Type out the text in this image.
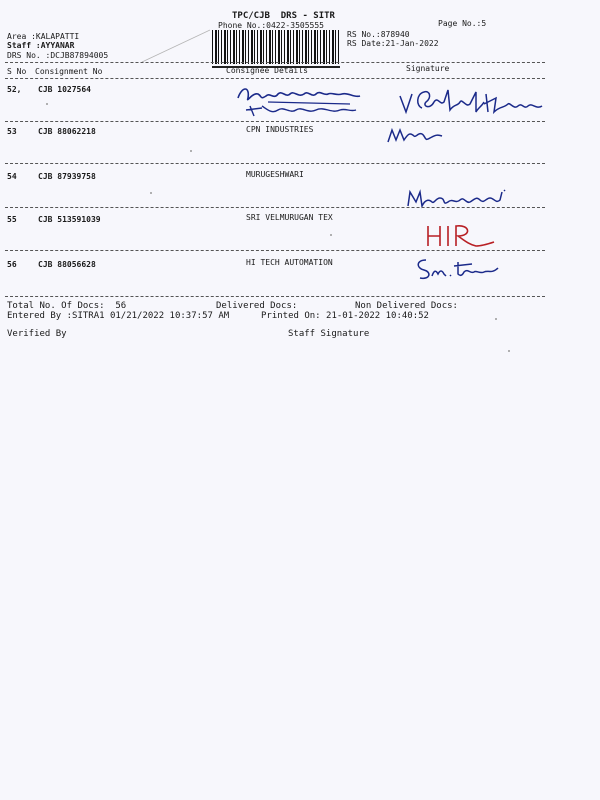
TPC/CJB  DRS - SITR
Phone No.:0422-3505555	Page No.:5
RS No.:878940
RS Date:21-Jan-2022
Area :KALAPATTI
Staff :AYYANAR
DRS No. :DCJB87894005
S No Consignment No	Consignee Details	Signature
52, CJB 1027564
53	CJB 88062218	CPN INDUSTRIES
54	CJB 87939758	MURUGESHWARI
55	CJB 513591039	SRI VELMURUGAN TEX
56	CJB 88056628	HI TECH AUTOMATION
Total No. Of Docs:  56	Delivered Docs:	Non Delivered Docs:
Entered By :SITRA1 01/21/2022 10:37:57 AM	Printed On: 21-01-2022 10:40:52
Verified By	Staff Signature
